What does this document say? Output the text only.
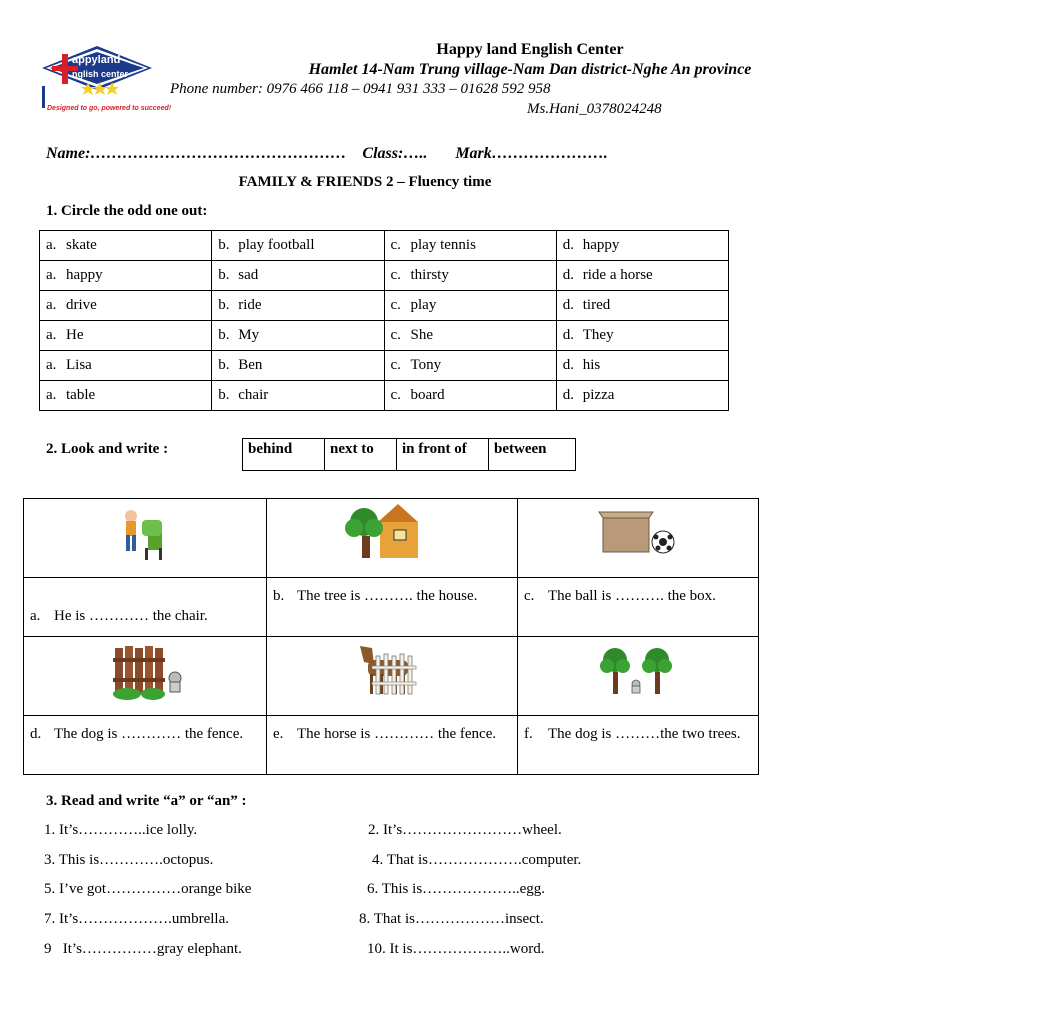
appyland
nglish center
Designed to go, powered to succeed!
Happy land English Center
Hamlet 14-Nam Trung village-Nam Dan district-Nghe An province
Phone number: 0976 466 118 – 0941 931 333 – 01628 592 958
Ms.Hani_0378024248
Name:…………………………………………    Class:…..       Mark………………….
FAMILY & FRIENDS 2 – Fluency time
1. Circle the odd one out:
a. skate	b. play football	c. play tennis	d. happy
a. happy	b. sad	c. thirsty	d. ride a horse
a. drive	b. ride	c. play	d. tired
a. He	b. My	c. She	d. They
a. Lisa	b. Ben	c. Tony	d. his
a. table	b. chair	c. board	d. pizza
2. Look and write :	behind	next to	in front of	between

a. He is ………… the chair.	b. The tree is ………. the house.	c. The ball is ………. the box.

d. The dog is ………… the fence.	e. The horse is ………… the fence.	f. The dog is ………the two trees.
3. Read and write “a” or “an” :
1. It’s…………..ice lolly.	2. It’s……………………wheel.
3. This is………….octopus.	4. That is……………….computer.
5. I’ve got……………orange bike	6. This is………………..egg.
7. It’s……………….umbrella.	8. That is………………insect.
9   It’s……………gray elephant.	10. It is………………..word.
